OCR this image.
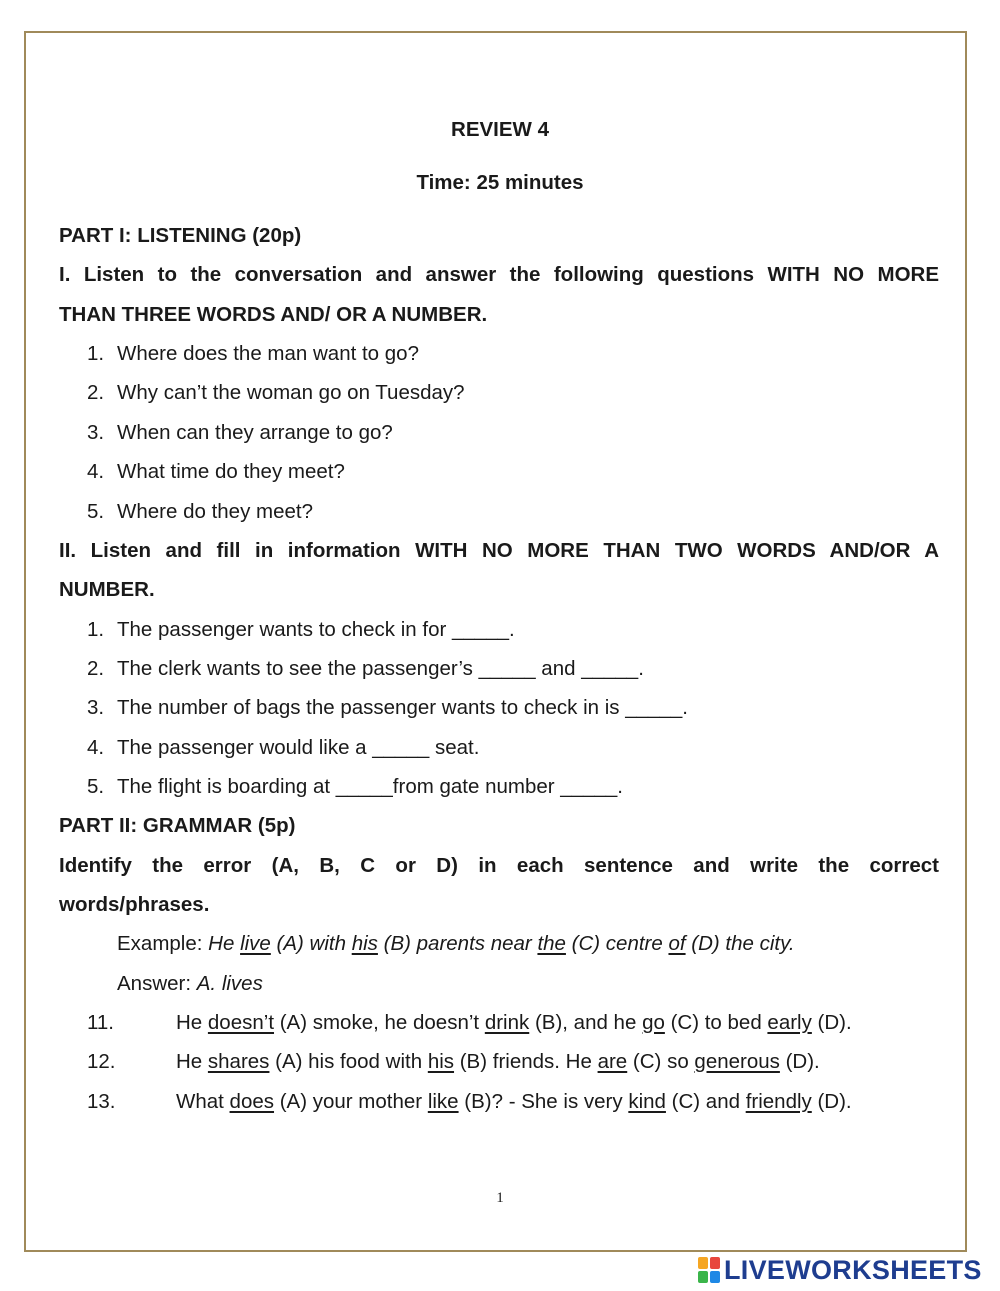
REVIEW 4
Time: 25 minutes
PART I: LISTENING (20p)
I. Listen to the conversation and answer the following questions WITH NO MORE
THAN THREE WORDS AND/ OR A NUMBER.
1. Where does the man want to go?
2. Why can’t the woman go on Tuesday?
3. When can they arrange to go?
4. What time do they meet?
5. Where do they meet?
II. Listen and fill in information WITH NO MORE THAN TWO WORDS AND/OR A
NUMBER.
1. The passenger wants to check in for _____.
2. The clerk wants to see the passenger’s _____ and _____.
3. The number of bags the passenger wants to check in is _____.
4. The passenger would like a _____ seat.
5. The flight is boarding at _____from gate number _____.
PART II: GRAMMAR (5p)
Identify the error (A, B, C or D) in each sentence and write the correct
words/phrases.
Example: He live (A) with his (B) parents near the (C) centre of (D) the city.
Answer: A. lives
11.	He doesn’t (A) smoke, he doesn’t drink (B), and he go (C) to bed early (D).
12.	He shares (A) his food with his (B) friends. He are (C) so generous (D).
13.	What does (A) your mother like (B)? - She is very kind (C) and friendly (D).
1
LIVEWORKSHEETS
